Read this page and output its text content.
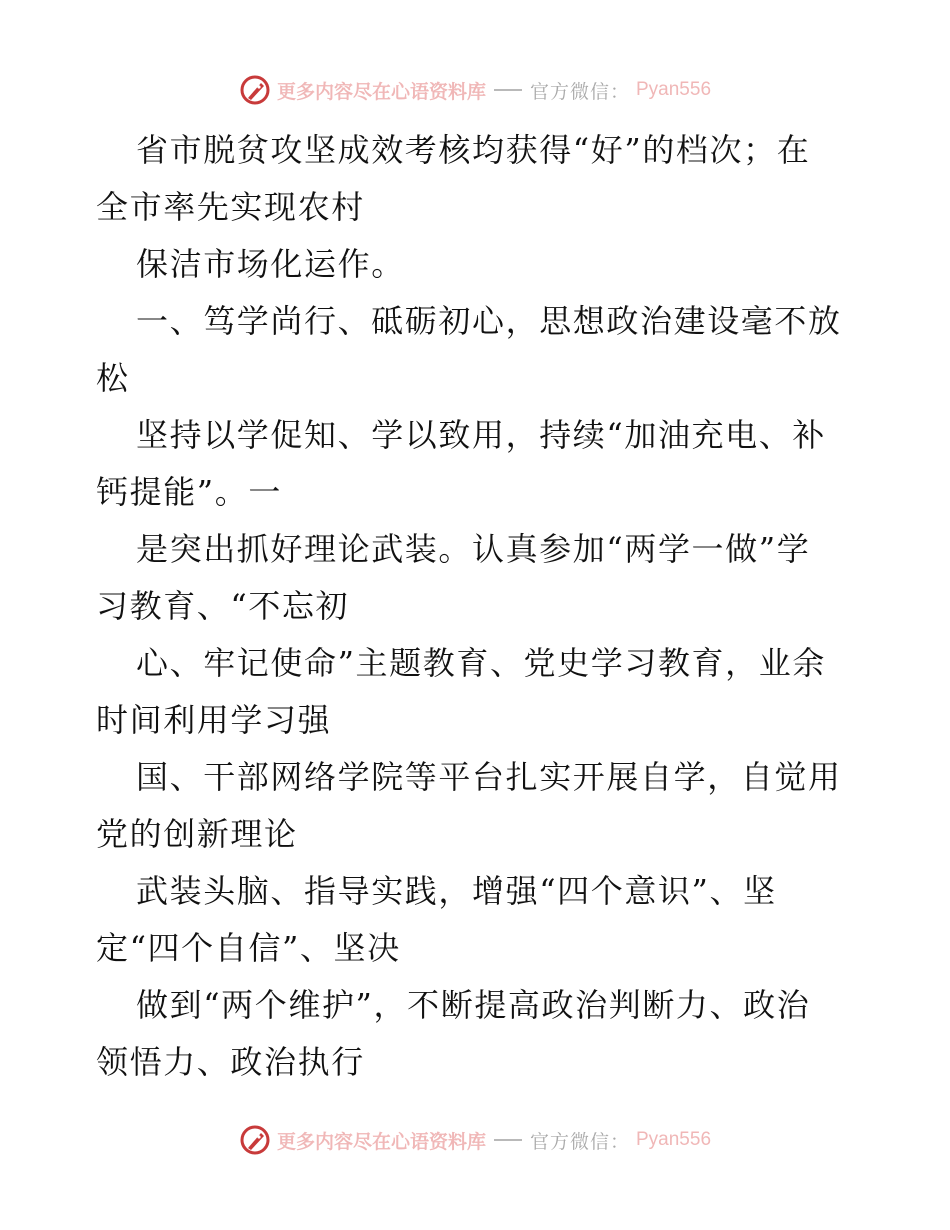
更多内容尽在心语资料库 官方微信： Pyan556
省市脱贫攻坚成效考核均获得“好”的档次；在
全市率先实现农村
保洁市场化运作。
一、笃学尚行、砥砺初心，思想政治建设毫不放
松
坚持以学促知、学以致用，持续“加油充电、补
钙提能”。一
是突出抓好理论武装。认真参加“两学一做”学
习教育、“不忘初
心、牢记使命”主题教育、党史学习教育，业余
时间利用学习强
国、干部网络学院等平台扎实开展自学，自觉用
党的创新理论
武装头脑、指导实践，增强“四个意识”、坚
定“四个自信”、坚决
做到“两个维护”，不断提高政治判断力、政治
领悟力、政治执行
更多内容尽在心语资料库 官方微信： Pyan556
